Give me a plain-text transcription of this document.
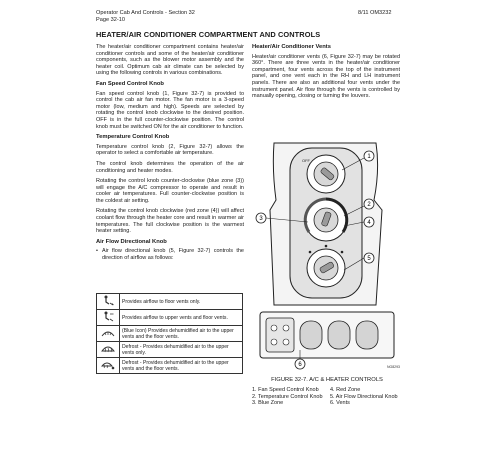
Operator Cab And Controls - Section 32
Page 32-10
8/11 OM3232
HEATER/AIR CONDITIONER COMPARTMENT AND CONTROLS

The heater/air conditioner compartment contains heater/air conditioner controls and some of the heater/air conditioner components, such as the blower motor assembly and the heater coil. Optimum cab air climate can be selected by using the following controls in various combinations.

Fan Speed Control Knob

Fan speed control knob (1, Figure 32-7) is provided to control the cab air fan motor. The fan motor is a 3-speed motor (low, medium and high). Speeds are selected by rotating the control knob clockwise to the desired position. OFF is in the full counter-clockwise position. The control knob must be switched ON for the air conditioner to function.

Temperature Control Knob

Temperature control knob (2, Figure 32-7) allows the operator to select a comfortable air temperature.

The control knob determines the operation of the air conditioning and heater modes.

Rotating the control knob counter-clockwise (blue zone (3)) will engage the A/C compressor to operate and result in cooler air temperatures. Full counter-clockwise position is the coldest air setting.

Rotating the control knob clockwise (red zone (4)) will affect coolant flow through the heater core and result in warmer air temperatures. The full clockwise position is the warmest heater setting.

Air Flow Directional Knob
• Air flow directional knob (5, Figure 32-7) controls the direction of airflow as follows:
	Provides airflow to floor vents only.
	Provides airflow to upper vents and floor vents.
	(Blue Icon) Provides dehumidified air to the upper vents and the floor vents.
	Defrost - Provides dehumidified air to the upper vents only.
	Defrost - Provides dehumidified air to the upper vents and the floor vents.
Heater/Air Conditioner Vents

Heater/air conditioner vents (6, Figure 32-7) may be rotated 360°. There are three vents in the heater/air conditioner compartment, four vents across the top of the instrument panel, and one vent each in the RH and LH instrument panels. There are also an additional four vents under the instrument panel. Air flow through the vents is controlled by manually opening, closing or turning the louvers.

OFF
1
2
3
4
5
6	NG8293
FIGURE 32-7. A/C & HEATER CONTROLS
1. Fan Speed Control Knob	4. Red Zone
2. Temperature Control Knob	5. Air Flow Directional Knob
3. Blue Zone	6. Vents
